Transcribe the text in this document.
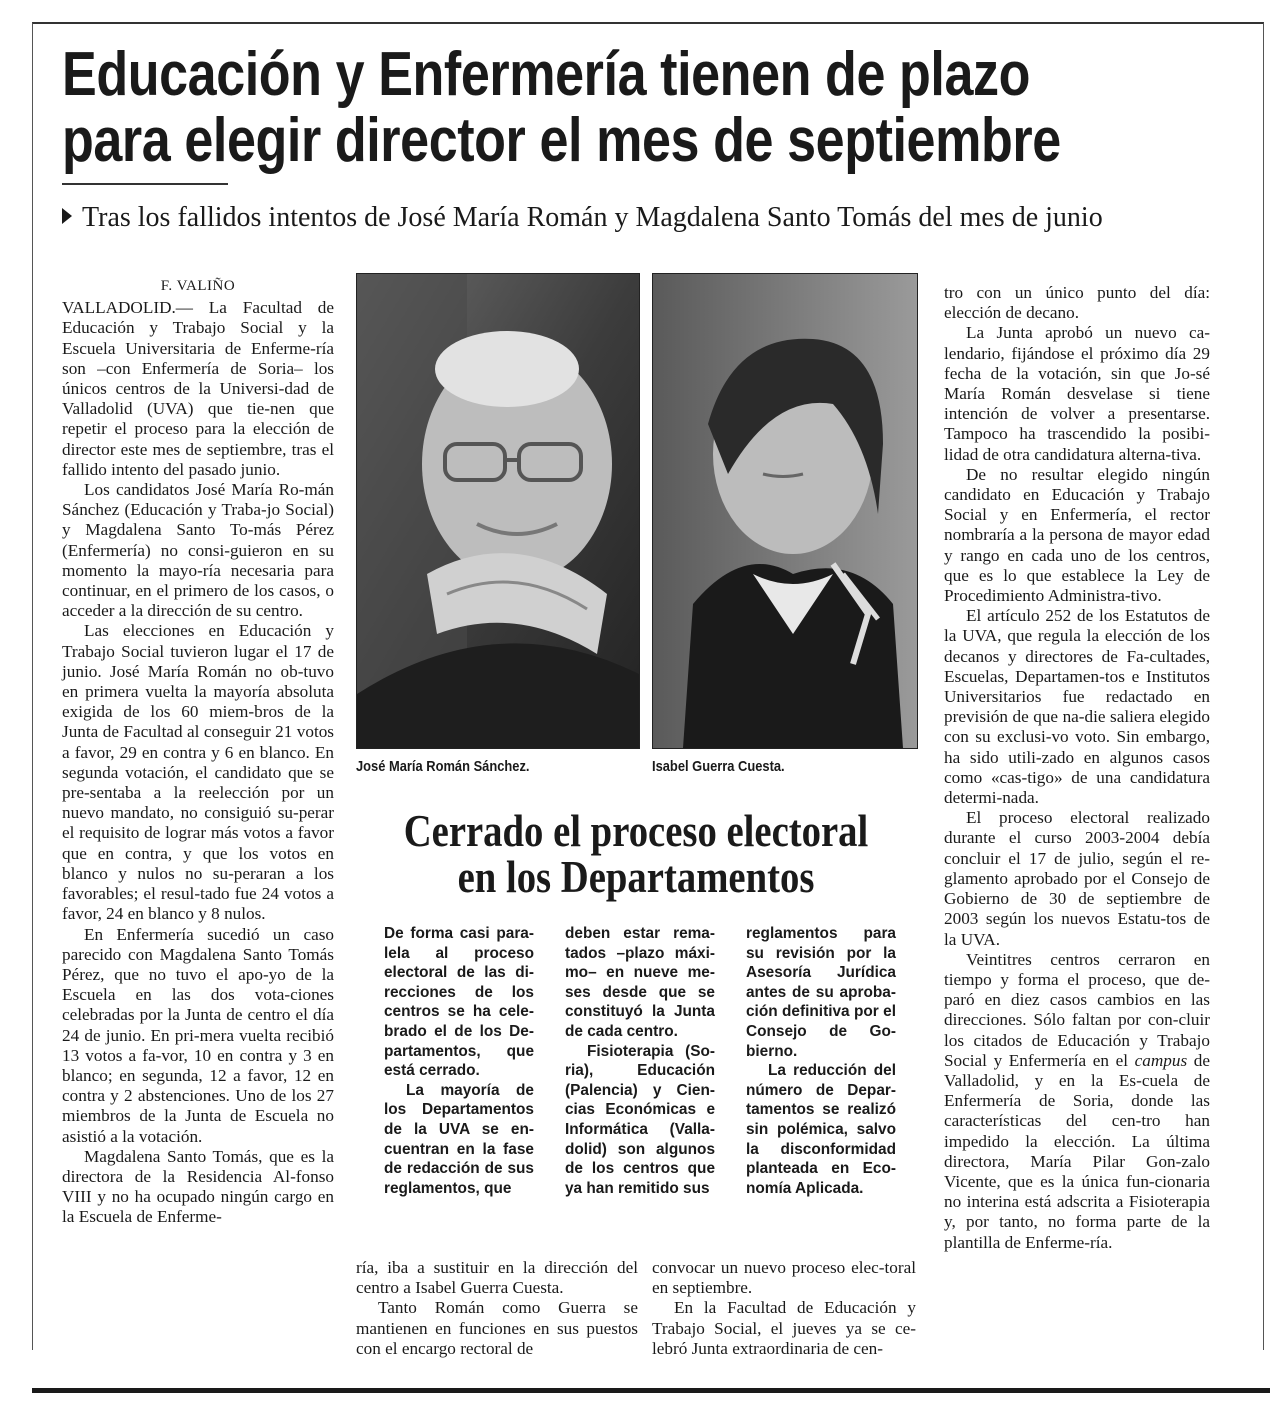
Educación y Enfermería tienen de plazo
para elegir director el mes de septiembre
Tras los fallidos intentos de José María Román y Magdalena Santo Tomás del mes de junio
F. VALIÑO

VALLADOLID.— La Facultad de Educación y Trabajo Social y la Escuela Universitaria de Enferme-ría son –con Enfermería de Soria– los únicos centros de la Universi-dad de Valladolid (UVA) que tie-nen que repetir el proceso para la elección de director este mes de septiembre, tras el fallido intento del pasado junio.

Los candidatos José María Ro-mán Sánchez (Educación y Traba-jo Social) y Magdalena Santo To-más Pérez (Enfermería) no consi-guieron en su momento la mayo-ría necesaria para continuar, en el primero de los casos, o acceder a la dirección de su centro.

Las elecciones en Educación y Trabajo Social tuvieron lugar el 17 de junio. José María Román no ob-tuvo en primera vuelta la mayoría absoluta exigida de los 60 miem-bros de la Junta de Facultad al conseguir 21 votos a favor, 29 en contra y 6 en blanco. En segunda votación, el candidato que se pre-sentaba a la reelección por un nuevo mandato, no consiguió su-perar el requisito de lograr más votos a favor que en contra, y que los votos en blanco y nulos no su-peraran a los favorables; el resul-tado fue 24 votos a favor, 24 en blanco y 8 nulos.

En Enfermería sucedió un caso parecido con Magdalena Santo Tomás Pérez, que no tuvo el apo-yo de la Escuela en las dos vota-ciones celebradas por la Junta de centro el día 24 de junio. En pri-mera vuelta recibió 13 votos a fa-vor, 10 en contra y 3 en blanco; en segunda, 12 a favor, 12 en contra y 2 abstenciones. Uno de los 27 miembros de la Junta de Escuela no asistió a la votación.

Magdalena Santo Tomás, que es la directora de la Residencia Al-fonso VIII y no ha ocupado ningún cargo en la Escuela de Enferme-

José María Román Sánchez.	Isabel Guerra Cuesta.
Cerrado el proceso electoral
en los Departamentos

De forma casi para-lela al proceso electoral de las di-recciones de los centros se ha cele-brado el de los De-partamentos, que está cerrado.

La mayoría de los Departamentos de la UVA se en-cuentran en la fase de redacción de sus reglamentos, que

deben estar rema-tados –plazo máxi-mo– en nueve me-ses desde que se constituyó la Junta de cada centro.

Fisioterapia (So-ria), Educación (Palencia) y Cien-cias Económicas e Informática (Valla-dolid) son algunos de los centros que ya han remitido sus

reglamentos para su revisión por la Asesoría Jurídica antes de su aproba-ción definitiva por el Consejo de Go-bierno.

La reducción del número de Depar-tamentos se realizó sin polémica, salvo la disconformidad planteada en Eco-nomía Aplicada.

ría, iba a sustituir en la dirección del centro a Isabel Guerra Cuesta.

Tanto Román como Guerra se mantienen en funciones en sus puestos con el encargo rectoral de

convocar un nuevo proceso elec-toral en septiembre.

En la Facultad de Educación y Trabajo Social, el jueves ya se ce-lebró Junta extraordinaria de cen-

tro con un único punto del día: elección de decano.

La Junta aprobó un nuevo ca-lendario, fijándose el próximo día 29 fecha de la votación, sin que Jo-sé María Román desvelase si tiene intención de volver a presentarse. Tampoco ha trascendido la posibi-lidad de otra candidatura alterna-tiva.

De no resultar elegido ningún candidato en Educación y Trabajo Social y en Enfermería, el rector nombraría a la persona de mayor edad y rango en cada uno de los centros, que es lo que establece la Ley de Procedimiento Administra-tivo.

El artículo 252 de los Estatutos de la UVA, que regula la elección de los decanos y directores de Fa-cultades, Escuelas, Departamen-tos e Institutos Universitarios fue redactado en previsión de que na-die saliera elegido con su exclusi-vo voto. Sin embargo, ha sido utili-zado en algunos casos como «cas-tigo» de una candidatura determi-nada.

El proceso electoral realizado durante el curso 2003-2004 debía concluir el 17 de julio, según el re-glamento aprobado por el Consejo de Gobierno de 30 de septiembre de 2003 según los nuevos Estatu-tos de la UVA.

Veintitres centros cerraron en tiempo y forma el proceso, que de-paró en diez casos cambios en las direcciones. Sólo faltan por con-cluir los citados de Educación y Trabajo Social y Enfermería en el campus de Valladolid, y en la Es-cuela de Enfermería de Soria, donde las características del cen-tro han impedido la elección. La última directora, María Pilar Gon-zalo Vicente, que es la única fun-cionaria no interina está adscrita a Fisioterapia y, por tanto, no forma parte de la plantilla de Enferme-ría.
